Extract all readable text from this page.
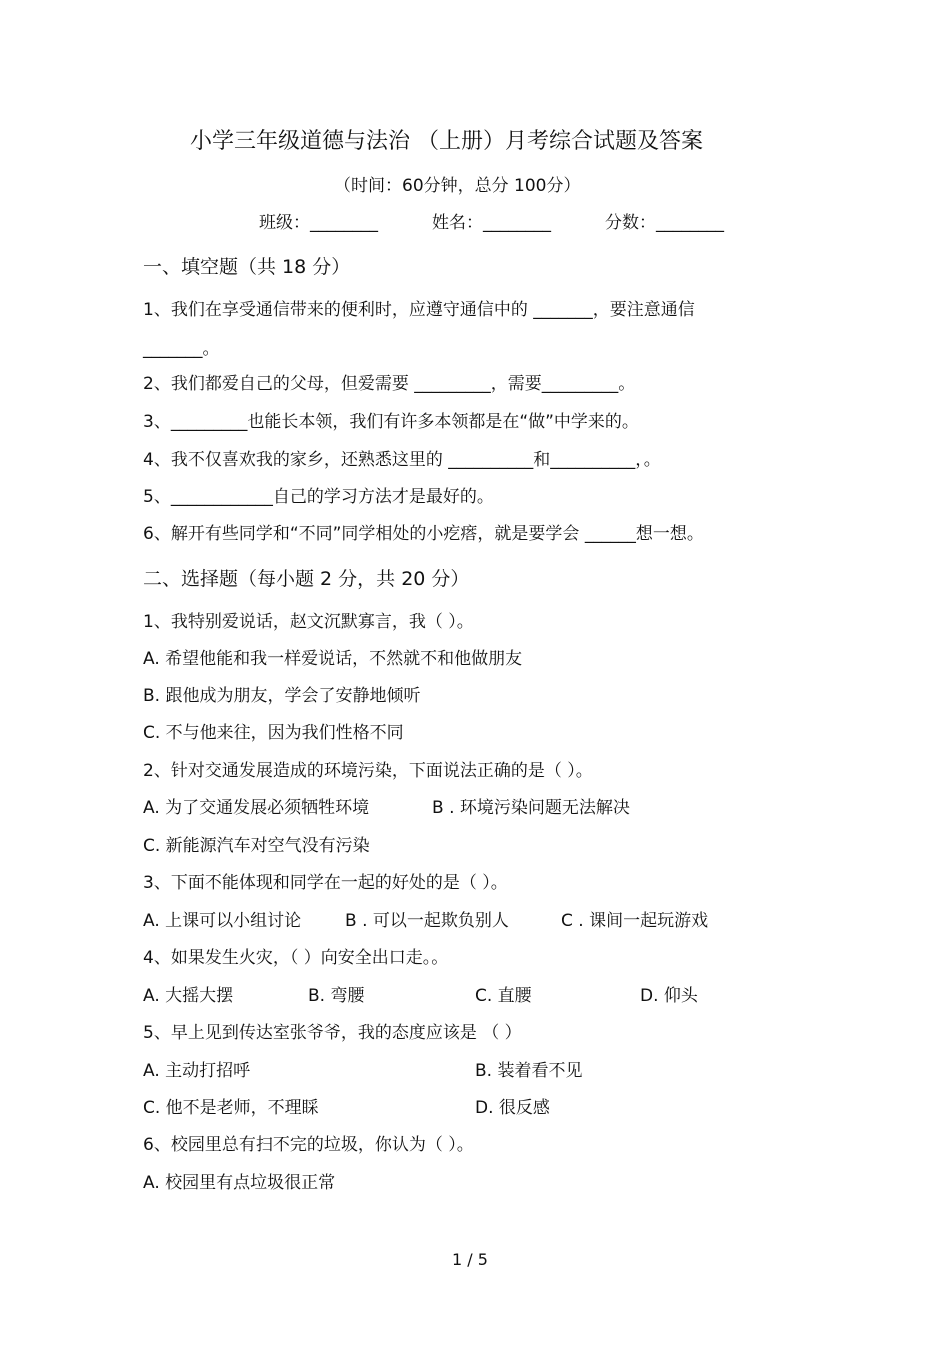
小学三年级道德与法治 （上册）月考综合试题及答案
（时间：60分钟，总分 100分）
班级：________	姓名：________	分数：________
一、填空题（共 18 分）
1、我们在享受通信带来的便利时，应遵守通信中的 _______，要注意通信
_______。
2、我们都爱自己的父母，但爱需要 _________，需要_________。
3、_________也能长本领，我们有许多本领都是在“做”中学来的。
4、我不仅喜欢我的家乡，还熟悉这里的 __________和__________，。
5、____________自己的学习方法才是最好的。
6、解开有些同学和“不同”同学相处的小疙瘩，就是要学会 ______想一想。
二、选择题（每小题 2 分，共 20 分）
1、我特别爱说话，赵文沉默寡言，我（ ）。
A. 希望他能和我一样爱说话，不然就不和他做朋友
B. 跟他成为朋友，学会了安静地倾听
C. 不与他来往，因为我们性格不同
2、针对交通发展造成的环境污染，下面说法正确的是（ ）。
A. 为了交通发展必须牺牲环境	B . 环境污染问题无法解决
C. 新能源汽车对空气没有污染
3、下面不能体现和同学在一起的好处的是（ ）。
A. 上课可以小组讨论	B . 可以一起欺负别人	C . 课间一起玩游戏
4、如果发生火灾，（ ）向安全出口走。。
A. 大摇大摆	B. 弯腰	C. 直腰	D. 仰头
5、早上见到传达室张爷爷，我的态度应该是 （ ）
A. 主动打招呼	B. 装着看不见
C. 他不是老师，不理睬	D. 很反感
6、校园里总有扫不完的垃圾，你认为（ ）。
A. 校园里有点垃圾很正常
1 / 5
